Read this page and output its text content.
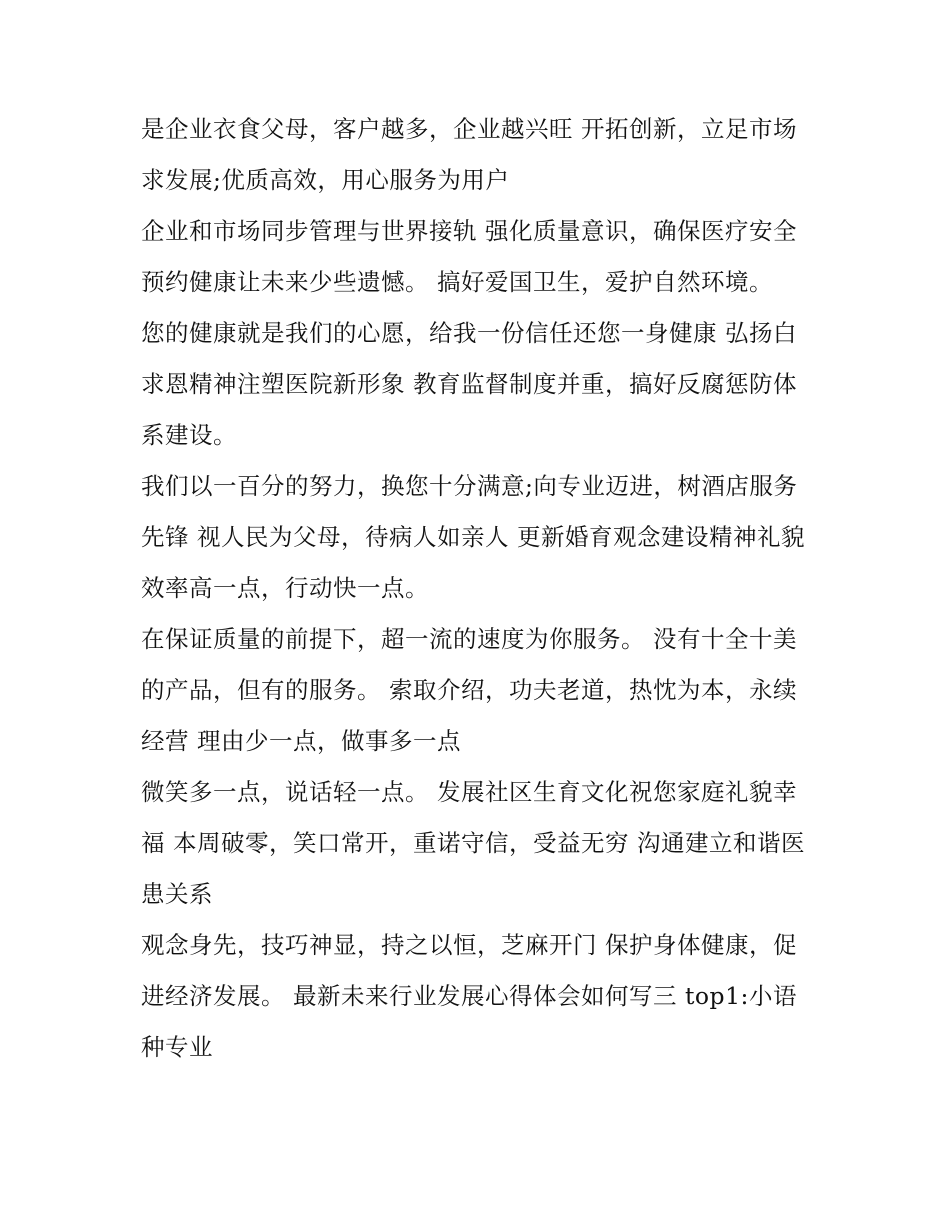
是企业衣食父母，客户越多，企业越兴旺 开拓创新，立足市场求发展;优质高效，用心服务为用户

企业和市场同步管理与世界接轨 强化质量意识，确保医疗安全 预约健康让未来少些遗憾。 搞好爱国卫生，爱护自然环境。

您的健康就是我们的心愿，给我一份信任还您一身健康 弘扬白求恩精神注塑医院新形象 教育监督制度并重，搞好反腐惩防体系建设。

我们以一百分的努力，换您十分满意;向专业迈进，树酒店服务先锋 视人民为父母，待病人如亲人 更新婚育观念建设精神礼貌 效率高一点，行动快一点。

在保证质量的前提下，超一流的速度为你服务。 没有十全十美的产品，但有的服务。 索取介绍，功夫老道，热忱为本，永续经营 理由少一点，做事多一点

微笑多一点，说话轻一点。 发展社区生育文化祝您家庭礼貌幸福 本周破零，笑口常开，重诺守信，受益无穷 沟通建立和谐医患关系

观念身先，技巧神显，持之以恒，芝麻开门 保护身体健康，促进经济发展。 最新未来行业发展心得体会如何写三 top1:小语种专业
